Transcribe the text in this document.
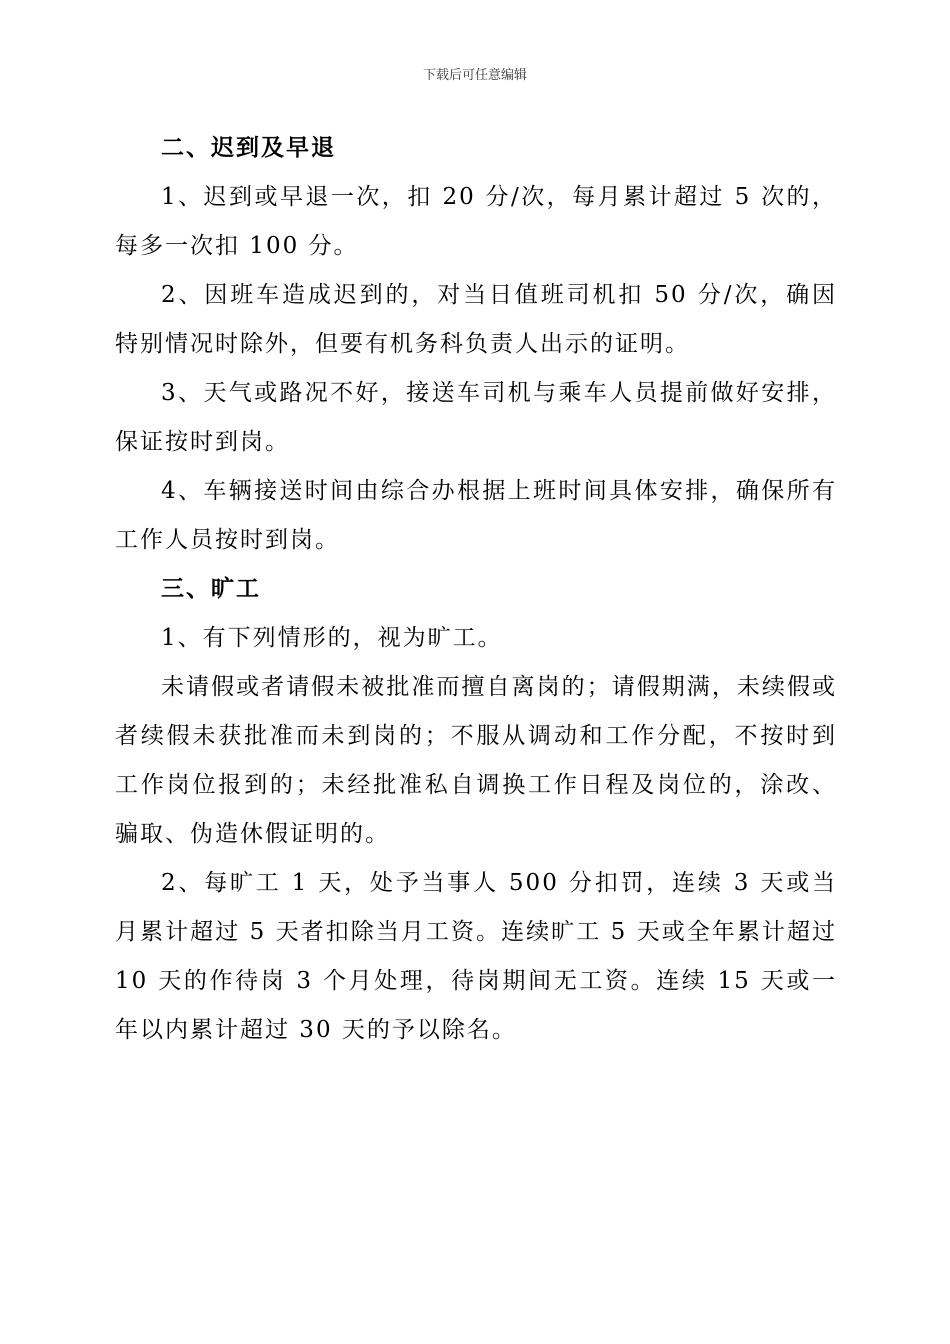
下载后可任意编辑
二、迟到及早退

1、迟到或早退一次，扣 20 分/次，每月累计超过 5 次的，每多一次扣 100 分。

2、因班车造成迟到的，对当日值班司机扣 50 分/次，确因特别情况时除外，但要有机务科负责人出示的证明。

3、天气或路况不好，接送车司机与乘车人员提前做好安排，保证按时到岗。

4、车辆接送时间由综合办根据上班时间具体安排，确保所有工作人员按时到岗。

三、旷工

1、有下列情形的，视为旷工。

未请假或者请假未被批准而擅自离岗的；请假期满，未续假或者续假未获批准而未到岗的；不服从调动和工作分配，不按时到工作岗位报到的；未经批准私自调换工作日程及岗位的，涂改、骗取、伪造休假证明的。

2、每旷工 1 天，处予当事人 500 分扣罚，连续 3 天或当月累计超过 5 天者扣除当月工资。连续旷工 5 天或全年累计超过 10 天的作待岗 3 个月处理，待岗期间无工资。连续 15 天或一年以内累计超过 30 天的予以除名。
